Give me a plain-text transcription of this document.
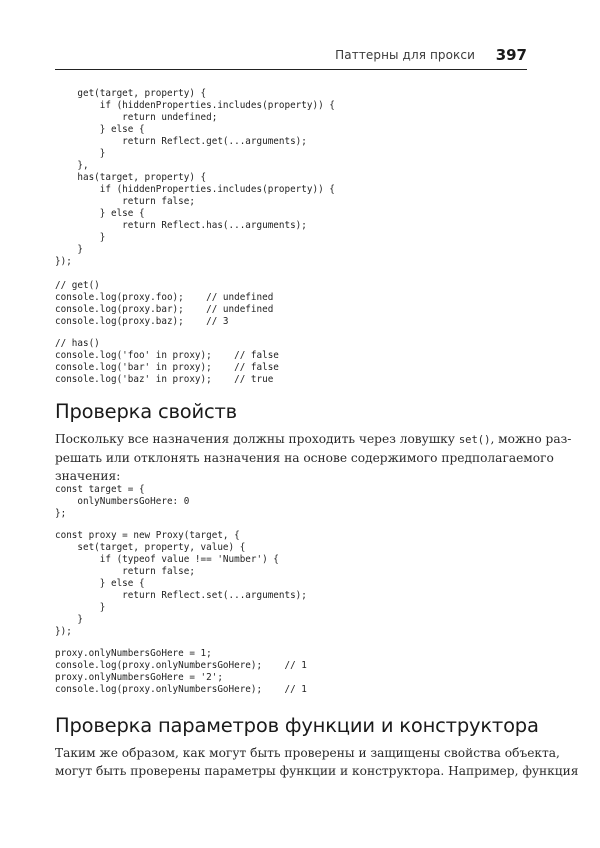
Паттерны для прокси 397
get(target, property) {
if (hiddenProperties.includes(property)) {
return undefined;
} else {
return Reflect.get(...arguments);
}
},
has(target, property) {
if (hiddenProperties.includes(property)) {
return false;
} else {
return Reflect.has(...arguments);
}
}
});
// get()
console.log(proxy.foo);    // undefined
console.log(proxy.bar);    // undefined
console.log(proxy.baz);    // 3
// has()
console.log('foo' in proxy);    // false
console.log('bar' in proxy);    // false
console.log('baz' in proxy);    // true
Проверка свойств

Поскольку все назначения должны проходить через ловушку set(), можно раз-
решать или отклонять назначения на основе содержимого предполагаемого
значения:

const target = {
onlyNumbersGoHere: 0
};
const proxy = new Proxy(target, {
set(target, property, value) {
if (typeof value !== 'Number') {
return false;
} else {
return Reflect.set(...arguments);
}
}
});
proxy.onlyNumbersGoHere = 1;
console.log(proxy.onlyNumbersGoHere);    // 1
proxy.onlyNumbersGoHere = '2';
console.log(proxy.onlyNumbersGoHere);    // 1
Проверка параметров функции и конструктора

Таким же образом, как могут быть проверены и защищены свойства объекта,
могут быть проверены параметры функции и конструктора. Например, функция
